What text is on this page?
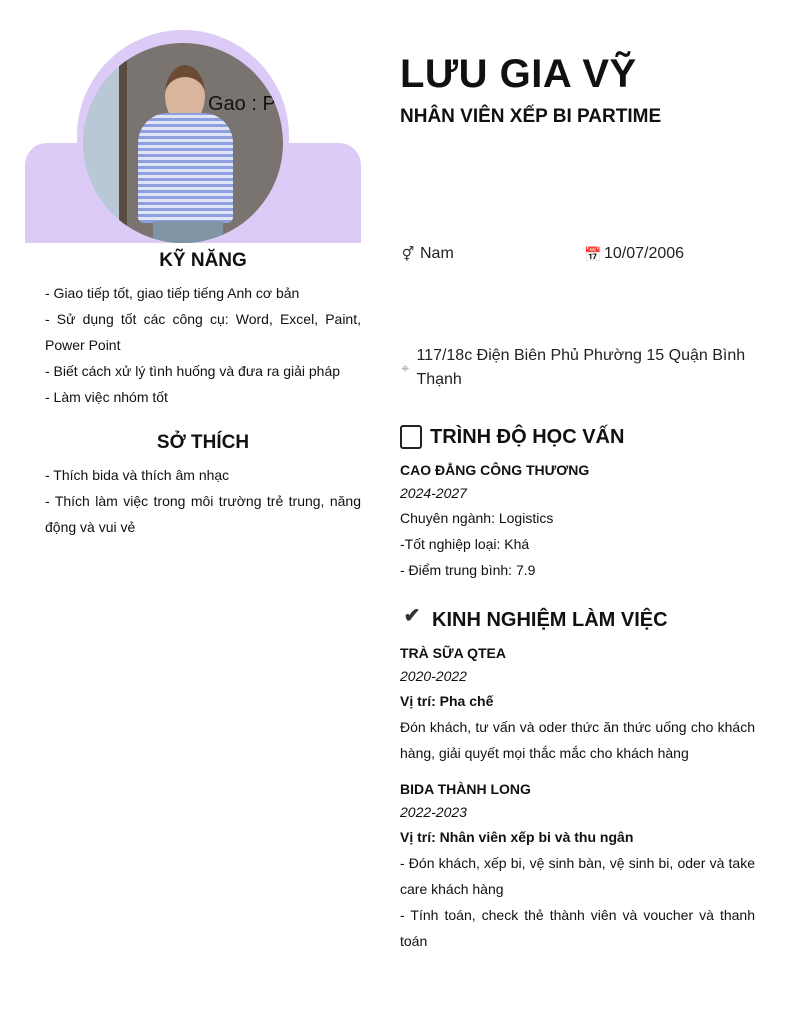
Gao : P
KỸ NĂNG

- Giao tiếp tốt, giao tiếp tiếng Anh cơ bản

- Sử dụng tốt các công cụ: Word, Excel, Paint, Power Point

- Biết cách xử lý tình huống và đưa ra giải pháp

- Làm việc nhóm tốt

SỞ THÍCH

- Thích bida và thích âm nhạc

- Thích làm việc trong môi trường trẻ trung, năng động và vui vẻ

LƯU GIA VỸ
NHÂN VIÊN XẾP BI PARTIME
⚥ Nam	📅 10/07/2006
⌖
117/18c Điện Biên Phủ Phường 15 Quận Bình Thạnh
TRÌNH ĐỘ HỌC VẤN
CAO ĐẲNG CÔNG THƯƠNG
2024-2027
Chuyên ngành: Logistics
-Tốt nghiệp loại: Khá
- Điểm trung bình: 7.9
✔ KINH NGHIỆM LÀM VIỆC
TRÀ SỮA QTEA
2020-2022
Vị trí: Pha chế

Đón khách, tư vấn và oder thức ăn thức uống cho khách hàng, giải quyết mọi thắc mắc cho khách hàng

BIDA THÀNH LONG
2022-2023
Vị trí: Nhân viên xếp bi và thu ngân

- Đón khách, xếp bi, vệ sinh bàn, vệ sinh bi, oder và take care khách hàng

- Tính toán, check thẻ thành viên và voucher và thanh toán
